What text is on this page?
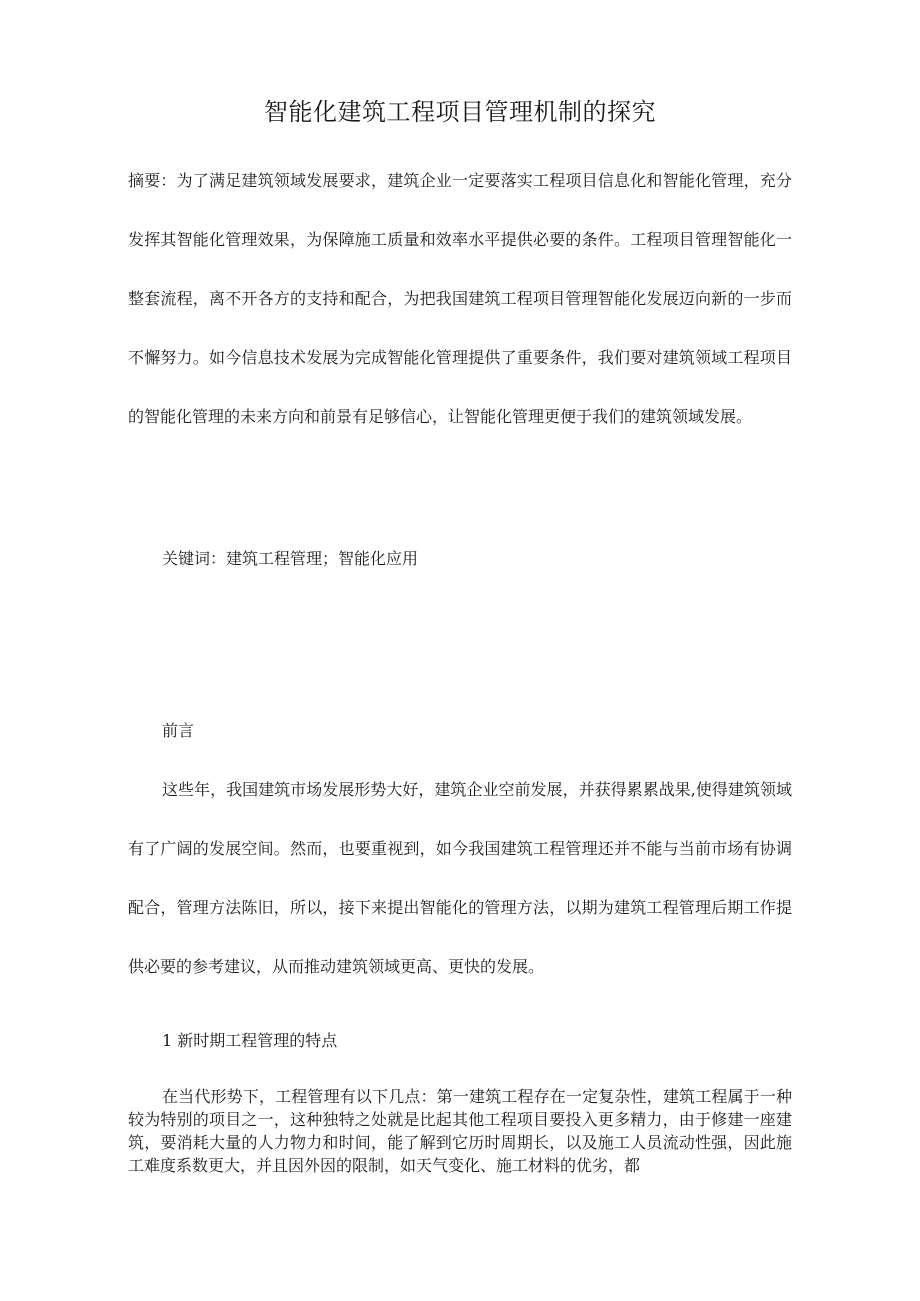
智能化建筑工程项目管理机制的探究

摘要：为了满足建筑领域发展要求，建筑企业一定要落实工程项目信息化和智能化管理，充分发挥其智能化管理效果，为保障施工质量和效率水平提供必要的条件。工程项目管理智能化一整套流程，离不开各方的支持和配合，为把我国建筑工程项目管理智能化发展迈向新的一步而不懈努力。如今信息技术发展为完成智能化管理提供了重要条件，我们要对建筑领域工程项目的智能化管理的未来方向和前景有足够信心，让智能化管理更便于我们的建筑领域发展。

关键词：建筑工程管理；智能化应用
前言

这些年，我国建筑市场发展形势大好，建筑企业空前发展，并获得累累战果,使得建筑领域有了广阔的发展空间。然而，也要重视到，如今我国建筑工程管理还并不能与当前市场有协调配合，管理方法陈旧，所以，接下来提出智能化的管理方法，以期为建筑工程管理后期工作提供必要的参考建议，从而推动建筑领域更高、更快的发展。

1 新时期工程管理的特点

在当代形势下，工程管理有以下几点：第一建筑工程存在一定复杂性，建筑工程属于一种较为特别的项目之一，这种独特之处就是比起其他工程项目要投入更多精力，由于修建一座建筑，要消耗大量的人力物力和时间，能了解到它历时周期长，以及施工人员流动性强，因此施工难度系数更大，并且因外因的限制，如天气变化、施工材料的优劣，都
